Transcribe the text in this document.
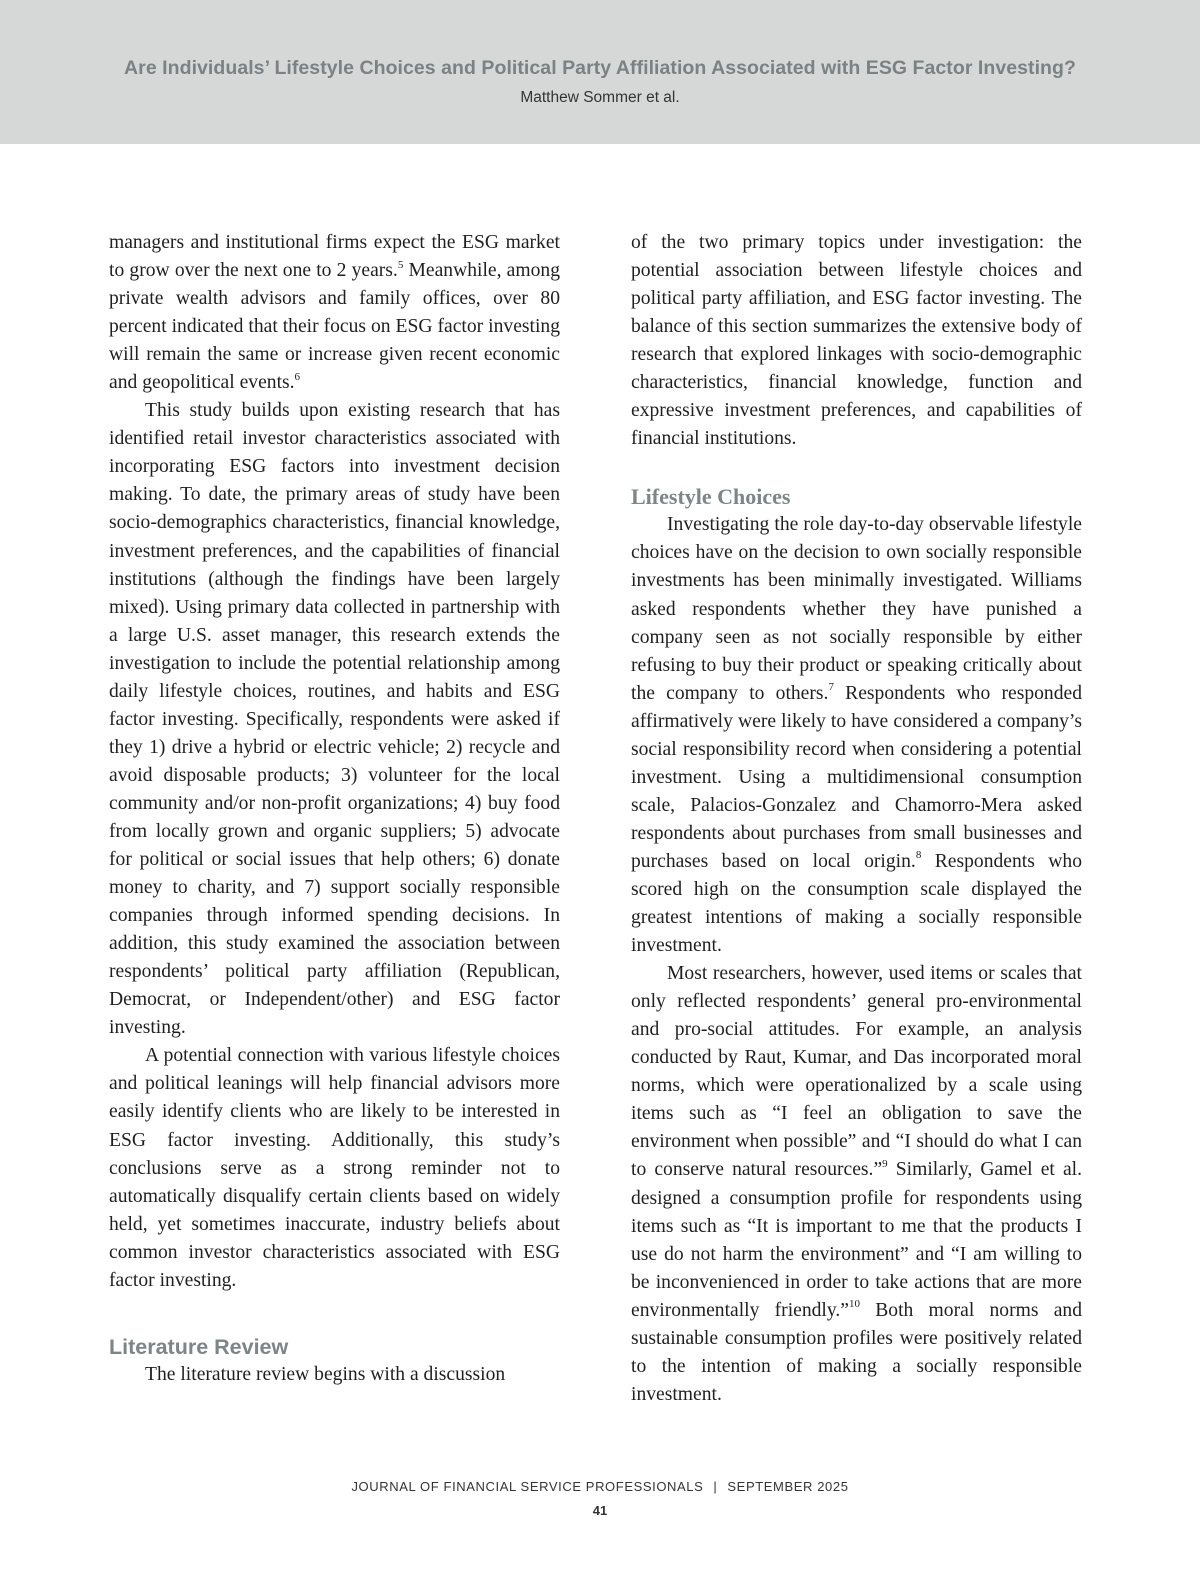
Are Individuals’ Lifestyle Choices and Political Party Affiliation Associated with ESG Factor Investing?
Matthew Sommer et al.

managers and institutional firms expect the ESG market to grow over the next one to 2 years.$^5$ Meanwhile, among private wealth advisors and family offices, over 80 percent indicated that their focus on ESG factor investing will remain the same or increase given recent economic and geopolitical events.$^6$

This study builds upon existing research that has identified retail investor characteristics associated with incorporating ESG factors into investment decision making. To date, the primary areas of study have been socio-demographics characteristics, financial knowledge, investment preferences, and the capabilities of financial institutions (although the findings have been largely mixed). Using primary data collected in partnership with a large U.S. asset manager, this research extends the investigation to include the potential relationship among daily lifestyle choices, routines, and habits and ESG factor investing. Specifically, respondents were asked if they 1) drive a hybrid or electric vehicle; 2) recycle and avoid disposable products; 3) volunteer for the local community and/or non-profit organizations; 4) buy food from locally grown and organic suppliers; 5) advocate for political or social issues that help others; 6) donate money to charity, and 7) support socially responsible companies through informed spending decisions. In addition, this study examined the association between respondents’ political party affiliation (Republican, Democrat, or Independent/other) and ESG factor investing.

A potential connection with various lifestyle choices and political leanings will help financial advisors more easily identify clients who are likely to be interested in ESG factor investing. Additionally, this study’s conclusions serve as a strong reminder not to automatically disqualify certain clients based on widely held, yet sometimes inaccurate, industry beliefs about common investor characteristics associated with ESG factor investing.

Literature Review

The literature review begins with a discussion

of the two primary topics under investigation: the potential association between lifestyle choices and political party affiliation, and ESG factor investing. The balance of this section summarizes the extensive body of research that explored linkages with socio-demographic characteristics, financial knowledge, function and expressive investment preferences, and capabilities of financial institutions.

Lifestyle Choices

Investigating the role day-to-day observable lifestyle choices have on the decision to own socially responsible investments has been minimally investigated. Williams asked respondents whether they have punished a company seen as not socially responsible by either refusing to buy their product or speaking critically about the company to others.$^7$ Respondents who responded affirmatively were likely to have considered a company’s social responsibility record when considering a potential investment. Using a multidimensional consumption scale, Palacios-Gonzalez and Chamorro-Mera asked respondents about purchases from small businesses and purchases based on local origin.$^8$ Respondents who scored high on the consumption scale displayed the greatest intentions of making a socially responsible investment.

Most researchers, however, used items or scales that only reflected respondents’ general pro-environmental and pro-social attitudes. For example, an analysis conducted by Raut, Kumar, and Das incorporated moral norms, which were operationalized by a scale using items such as “I feel an obligation to save the environment when possible” and “I should do what I can to conserve natural resources.”$^9$ Similarly, Gamel et al. designed a consumption profile for respondents using items such as “It is important to me that the products I use do not harm the environment” and “I am willing to be inconvenienced in order to take actions that are more environmentally friendly.”$^{10}$ Both moral norms and sustainable consumption profiles were positively related to the intention of making a socially responsible investment.

JOURNAL OF FINANCIAL SERVICE PROFESSIONALS | SEPTEMBER 2025
41
